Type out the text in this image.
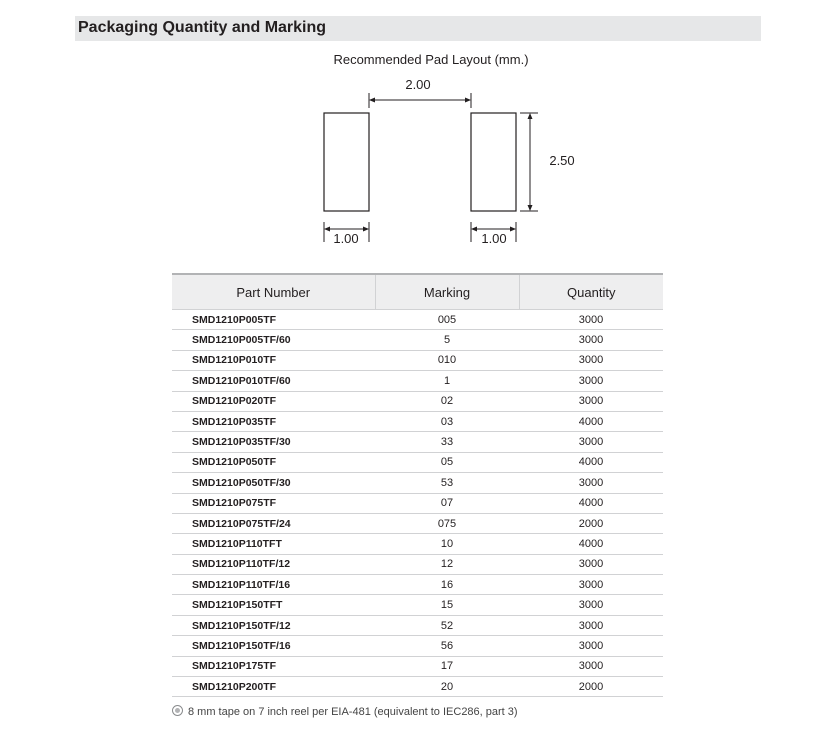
Packaging Quantity and Marking
Recommended Pad Layout (mm.)
2.00
2.50
1.00	1.00
Part Number	Marking	Quantity
SMD1210P005TF	005	3000
SMD1210P005TF/60	5	3000
SMD1210P010TF	010	3000
SMD1210P010TF/60	1	3000
SMD1210P020TF	02	3000
SMD1210P035TF	03	4000
SMD1210P035TF/30	33	3000
SMD1210P050TF	05	4000
SMD1210P050TF/30	53	3000
SMD1210P075TF	07	4000
SMD1210P075TF/24	075	2000
SMD1210P110TFT	10	4000
SMD1210P110TF/12	12	3000
SMD1210P110TF/16	16	3000
SMD1210P150TFT	15	3000
SMD1210P150TF/12	52	3000
SMD1210P150TF/16	56	3000
SMD1210P175TF	17	3000
SMD1210P200TF	20	2000
8 mm tape on 7 inch reel per EIA-481 (equivalent to IEC286, part 3)
